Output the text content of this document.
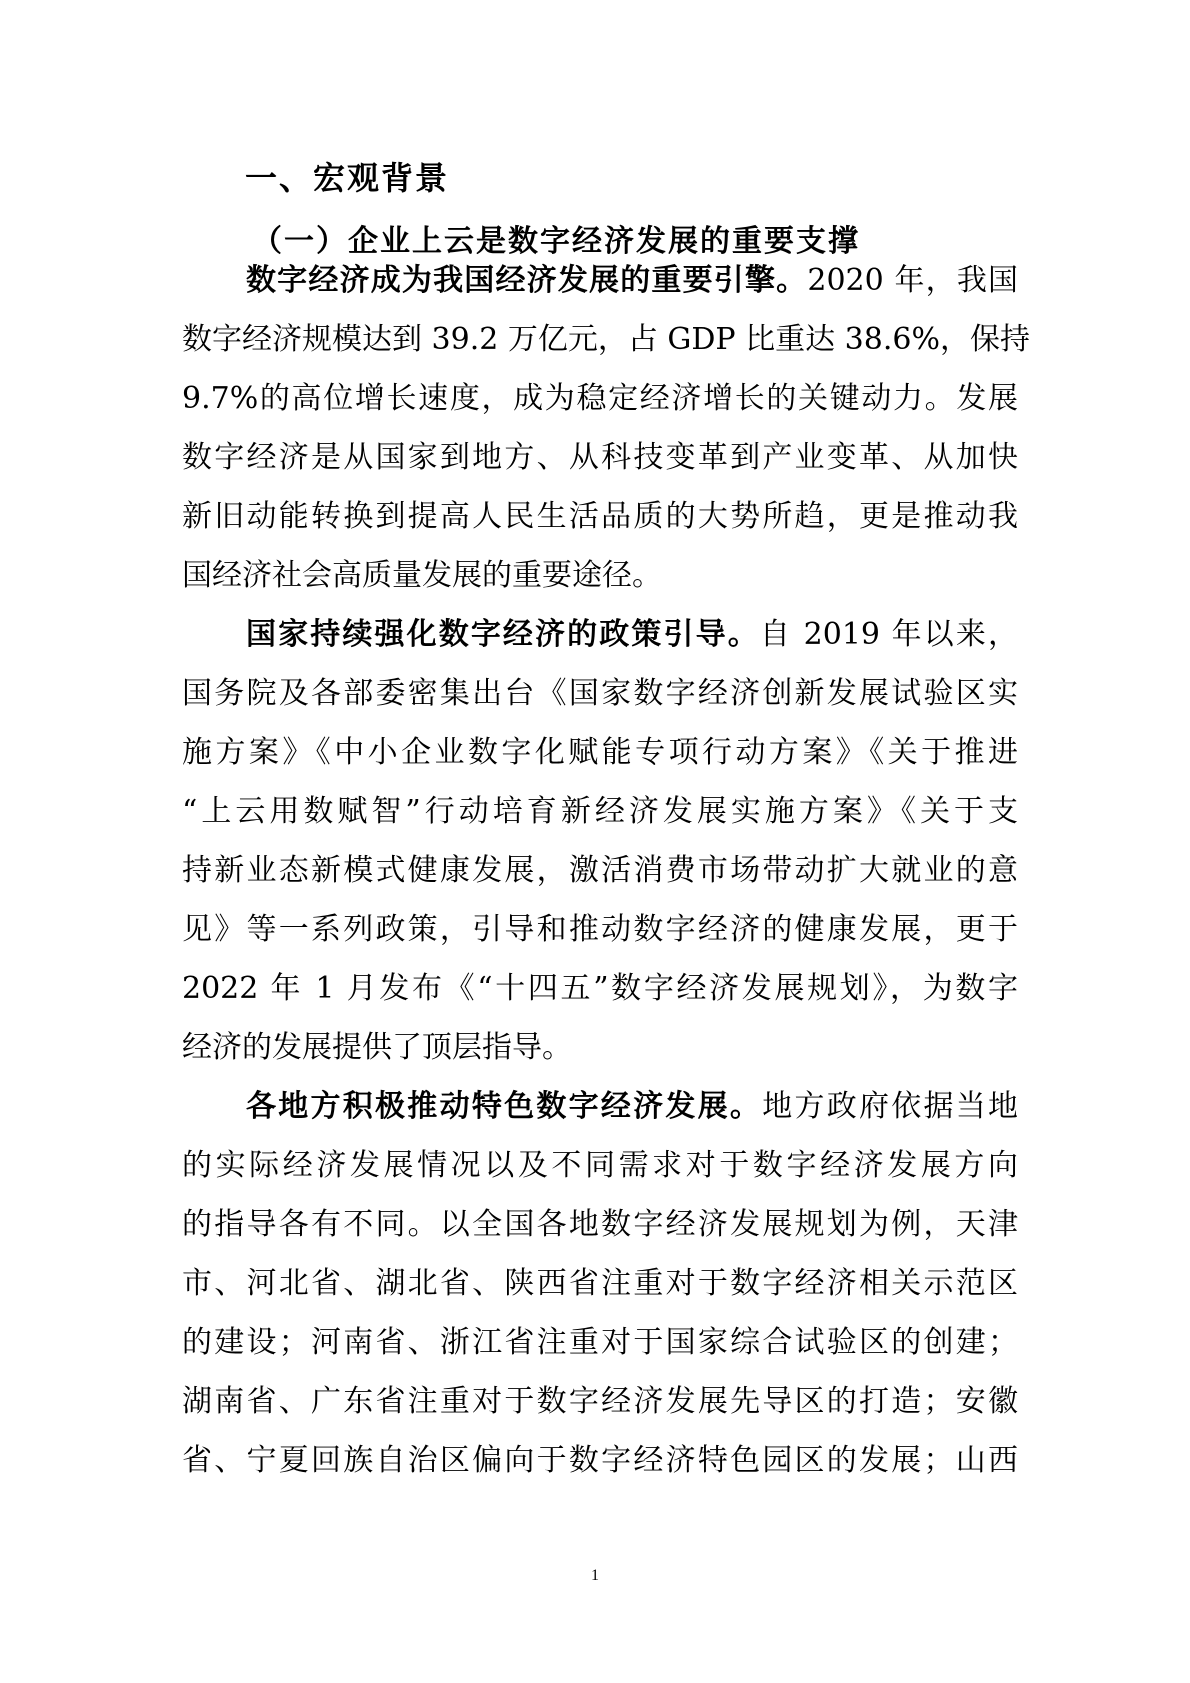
一、宏观背景
（一）企业上云是数字经济发展的重要支撑
数字经济成为我国经济发展的重要引擎。2020 年，我国
数字经济规模达到 39.2 万亿元，占 GDP 比重达 38.6%，保持
9.7%的高位增长速度，成为稳定经济增长的关键动力。发展
数字经济是从国家到地方、从科技变革到产业变革、从加快
新旧动能转换到提高人民生活品质的大势所趋，更是推动我
国经济社会高质量发展的重要途径。
国家持续强化数字经济的政策引导。自 2019 年以来，
国务院及各部委密集出台《国家数字经济创新发展试验区实
施方案》《中小企业数字化赋能专项行动方案》《关于推进
“上云用数赋智”行动培育新经济发展实施方案》《关于支
持新业态新模式健康发展，激活消费市场带动扩大就业的意
见》等一系列政策，引导和推动数字经济的健康发展，更于
2022 年 1 月发布《“十四五”数字经济发展规划》，为数字
经济的发展提供了顶层指导。
各地方积极推动特色数字经济发展。地方政府依据当地
的实际经济发展情况以及不同需求对于数字经济发展方向
的指导各有不同。以全国各地数字经济发展规划为例，天津
市、河北省、湖北省、陕西省注重对于数字经济相关示范区
的建设；河南省、浙江省注重对于国家综合试验区的创建；
湖南省、广东省注重对于数字经济发展先导区的打造；安徽
省、宁夏回族自治区偏向于数字经济特色园区的发展；山西
1
